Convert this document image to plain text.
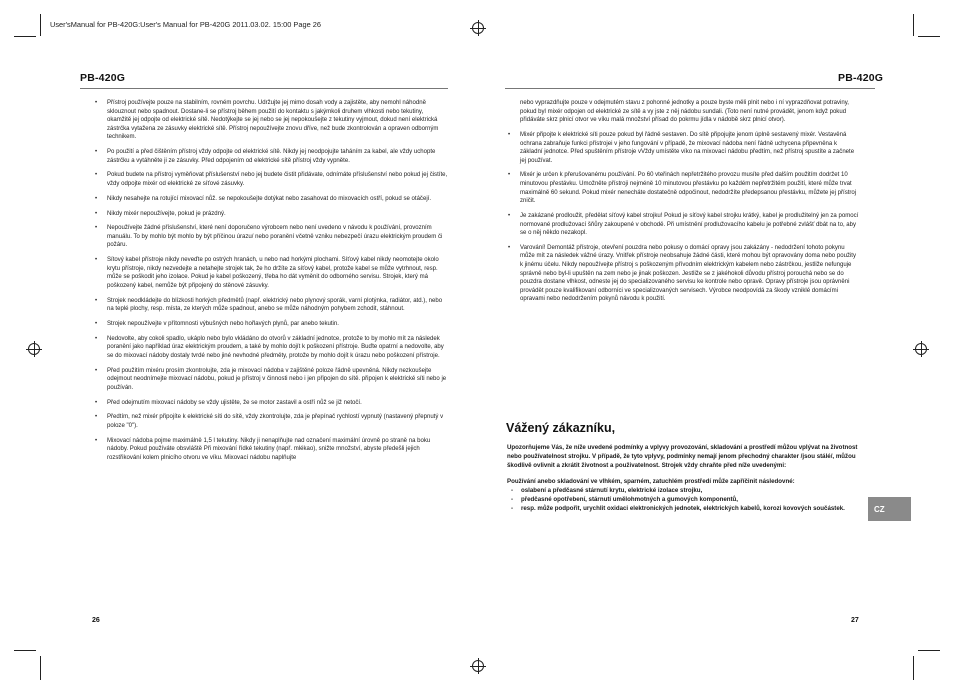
User'sManual for PB-420G:User's Manual for PB-420G 2011.03.02. 15:00 Page 26
PB-420G	PB-420G
• Přístroj používejte pouze na stabilním, rovném povrchu. Udržujte jej mimo dosah vody a zajistěte, aby nemohl náhodně sklouznout nebo spadnout. Dostane-li se přístroj během použití do kontaktu s jakýmkoli druhem vlhkosti nebo tekutiny, okamžitě jej odpojte od elektrické sítě. Nedotýkejte se jej nebo se jej nepokoušejte z tekutiny vyjmout, dokud není elektrická zástrčka vytažena ze zásuvky elektrické sítě. Přístroj nepoužívejte znovu dříve, než bude zkontrolován a opraven odborným technikem.
• Po použití a před čištěním přístroj vždy odpojte od elektrické sítě. Nikdy jej neodpojujte taháním za kabel, ale vždy uchopte zástrčku a vytáhněte ji ze zásuvky. Před odpojením od elektrické sítě přístroj vždy vypněte.
• Pokud budete na přístroj vyměňovat příslušenství nebo jej budete čistit přidávate, odnímáte příslušenství nebo pokud jej čistíte, vždy odpojte mixér od elektrické ze síťové zásuvky.
• Nikdy nesahejte na rotující mixovací nůž. se nepokoušejte dotýkat nebo zasahovat do mixovacích ostří, pokud se otáčejí.
• Nikdy mixér nepoužívejte, pokud je prázdný.
• Nepoužívejte žádné příslušenství, které není doporučeno výrobcem nebo není uvedeno v návodu k používání, provozním manuálu. To by mohlo být mohlo by být příčinou úrazu/ nebo poranění včetně vzniku nebezpečí úrazu elektrickým proudem či požáru.
• Sítový kabel přístroje nikdy neveďte po ostrých hranách, u nebo nad horkými plochami. Síťový kabel nikdy neomotejte okolo krytu přístroje, nikdy nezvedejte a netahejte strojek tak, že ho držíte za síťový kabel, protože kabel se může vytrhnout, resp. může se poškodit jeho izolace. Pokud je kabel poškozený, třeba ho dát vyměnit do odborného servisu. Strojek, který má poškozený kabel, nemůže být připojený do stěnové zásuvky.
• Strojek neodkládejte do blízkosti horkých předmětů (např. elektrický nebo plynový sporák, varní plotýnka, radiátor, atd.), nebo na teplé plochy, resp. místa, ze kterých může spadnout, anebo se může náhodným pohybem zchodit, stáhnout.
• Strojek nepoužívejte v přítomnosti výbušných nebo hořlavých plynů, par anebo tekutin.
• Nedovolte, aby cokoli spadlo, ukáplo nebo bylo vkládáno do otvorů v základní jednotce, protože to by mohlo mít za následek poranění jako například úraz elektrickým proudem, a také by mohlo dojít k poškození přístroje. Buďte opatrní a nedovolte, aby se do mixovací nádoby dostaly tvrdé nebo jiné nevhodné předměty, protože by mohlo dojít k úrazu nebo poškození přístroje.
• Před použitím mixéru prosím zkontrolujte, zda je mixovací nádoba v zajištěné poloze řádně upevněná. Nikdy nezkoušejte odejmout neodnímejte mixovací nádobu, pokud je přístroj v činnosti nebo i jen připojen do sítě. připojen k elektrické síti nebo je používán.
• Před odejmutím mixovací nádoby se vždy ujistěte, že se motor zastavil a ostří nůž se již netočí.
• Předtím, než mixér připojíte k elektrické síti do sítě, vždy zkontrolujte, zda je přepínač rychlostí vypnutý (nastavený přepnutý v poloze "0").
• Mixovací nádoba pojme maximálně 1,5 l tekutiny. Nikdy ji nenaplňujte nad označení maximální úrovně po straně na boku nádoby. Pokud používáte obsvláště Při mixování řídké tekutiny (např. mlékao), snižte množství, abyste předešli jejich rozstřikování kolem plnicího otvoru ve víku. Mixovací nádobu naplňujte
nebo vyprazdňujte pouze v odejmutém stavu z pohonné jednotky a pouze byste měli plnit nebo i ní vyprazdňovat potraviny, pokud byl mixér odpojen od elektrické ze sítě a vy jste z něj nádobu sundali. (Toto není nutné provádět, jenom když pokud přidáváte skrz plnicí otvor ve víku malá množství přísad do pokrmu jídla v nádobě skrz plnicí otvor).
• Mixér připojte k elektrické síti pouze pokud byl řádně sestaven. Do sítě připojujte jenom úplně sestavený mixér. Vestavěná ochrana zabraňuje funkci přístrojei v jeho fungování v případě, že mixovací nádoba není řádně uchycena připevněna k základní jednotce. Před spuštěním přístroje vVždy umístěte víko na mixovací nádobu předtím, než přístroj spustíte a začnete jej používat.
• Mixér je určen k přerušovanému používání. Po 60 vteřinách nepřetržitého provozu musíte před dalším použitím dodržet 10 minutovou přestávku. Umožněte přístroji nejméně 10 minutovou přestávku po každém nepřetržitém použití, které může trvat maximálně 60 sekund. Pokud mixér nenecháte dostatečně odpočinout, nedodržíte předepsanou přestávku, můžete jej přístroj zničit.
• Je zakázané prodloužit, předělat síťový kabel strojku! Pokud je síťový kabel strojku krátký, kabel je prodlužitelný jen za pomocí normované prodlužovací šňůry zakoupené v obchodě. Při umístnění prodlužovacího kabelu je potřebné zvlášť dbát na to, aby se o něj někdo nezakopl.
• Varování! Demontáž přístroje, otevření pouzdra nebo pokusy o domácí opravy jsou zakázány - nedodržení tohoto pokynu může mít za následek vážné úrazy. Vnitřek přístroje neobsahuje žádné části, které mohou být opravovány doma nebo použity k jinému účelu. Nikdy nepoužívejte přístroj s poškozeným přívodním elektrickým kabelem nebo zástrčkou, jestliže nefunguje správně nebo byl-li upuštěn na zem nebo je jinak poškozen. Jestliže se z jakéhokoli důvodu přístroj porouchá nebo se do pouzdra dostane vlhkost, odneste jej do specializovaného servisu ke kontrole nebo opravě. Opravy přístroje jsou oprávněni provádět pouze kvalifikovaní odborníci ve specializovaných servisech. Výrobce neodpovídá za škody vzniklé domácími opravami nebo nedodržením pokynů návodu k použití.
Vážený zákazníku,

Upozorňujeme Vás, že níže uvedené podmínky a vplyvy provozování, skladování a prostředí můžou vplývat na životnost nebo používatelnost strojku. V případě, že tyto vplyvy, podmínky nemají jenom přechodný charakter /jsou stálé/, můžou škodlivě ovlivnit a zkrátit životnost a použivatelnost. Strojek vždy chraňte před níže uvedenými:

Používání anebo skladování ve vlhkém, sparném, zatuchlém prostředí může zapříčinit následovné:

- oslabení a předčasné stárnutí krytu, elektrické izolace strojku,
- předčasné opotřebení, stárnutí umělohmotných a gumových komponentů,
- resp. může podpořit, urychlit oxidaci elektronických jednotek, elektrických kabelů, korozi kovových součástek.	CZ
26	27
